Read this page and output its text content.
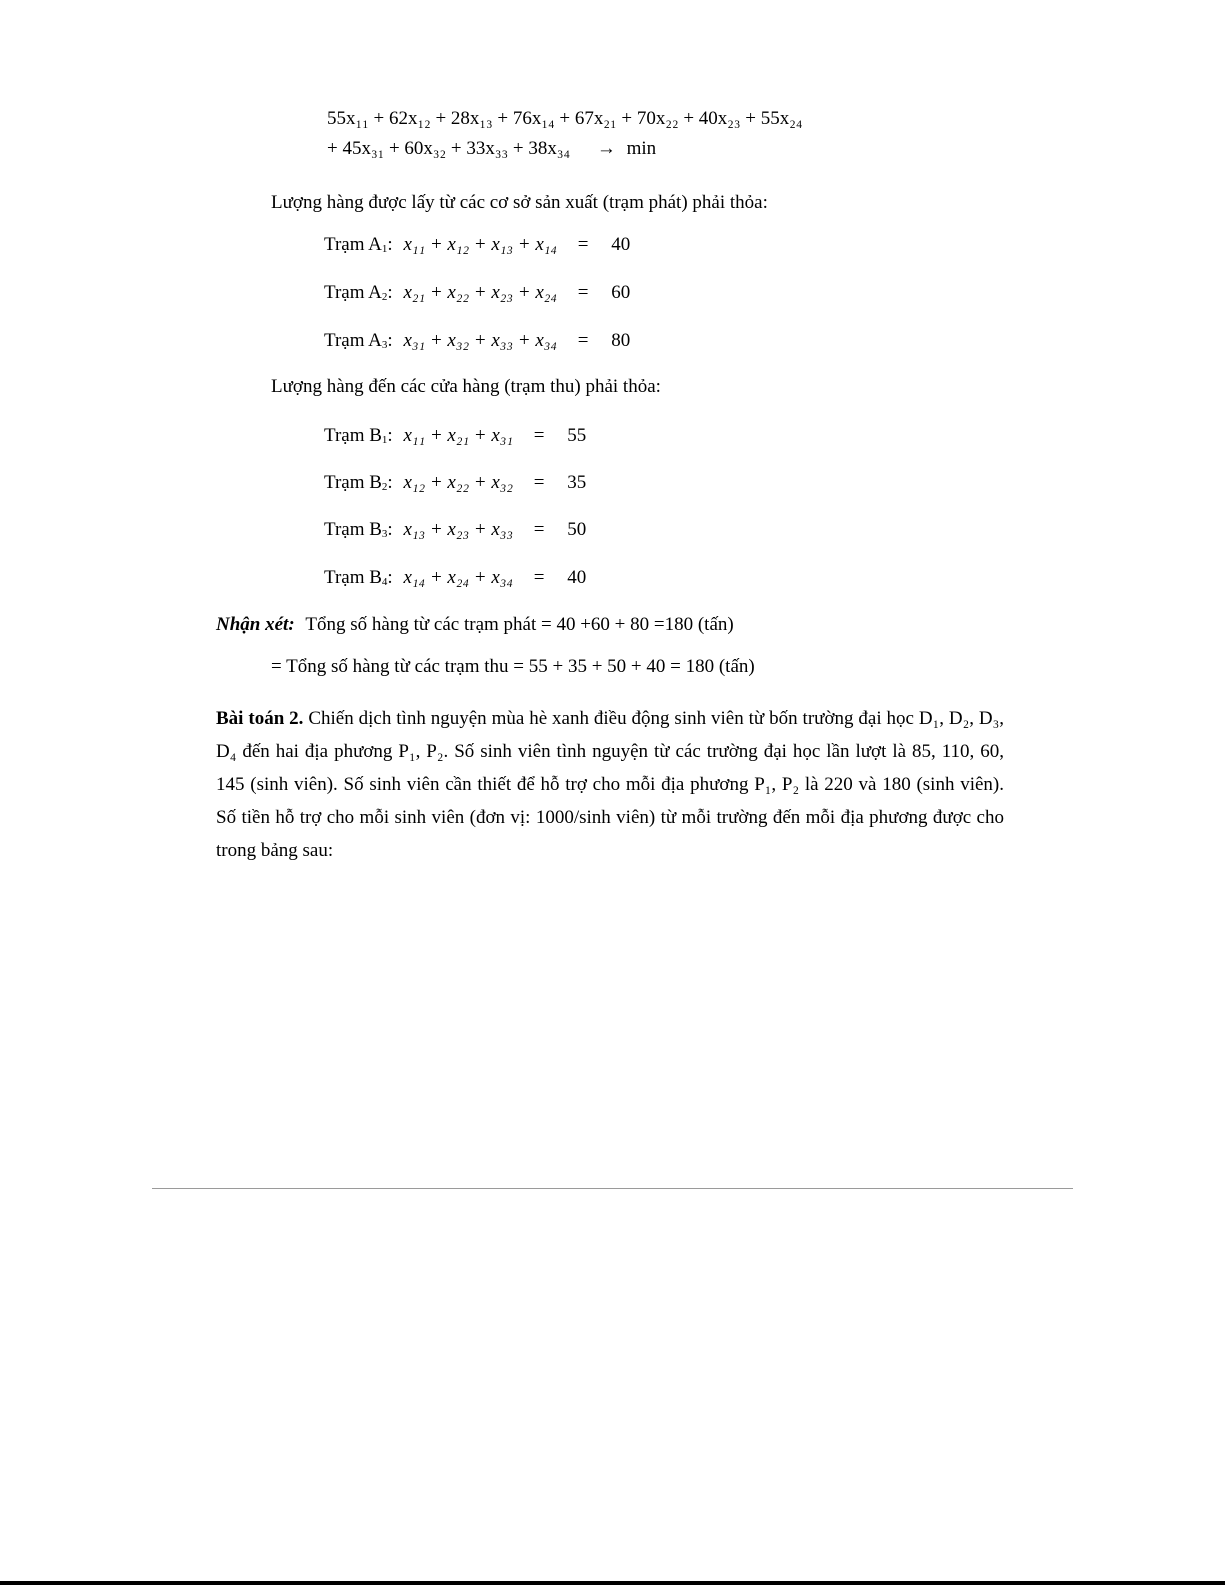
55x₁₁ + 62x₁₂ + 28x₁₃ + 76x₁₄ + 67x₂₁ + 70x₂₂ + 40x₂₃ + 55x₂₄
+ 45x₃₁ + 60x₃₂ + 33x₃₃ + 38x₃₄ → min
Lượng hàng được lấy từ các cơ sở sản xuất (trạm phát) phải thỏa:
Trạm $A_1$: x₁₁ + x₁₂ + x₁₃ + x₁₄ = 40
Trạm $A_2$: x₂₁ + x₂₂ + x₂₃ + x₂₄ = 60
Trạm $A_3$: x₃₁ + x₃₂ + x₃₃ + x₃₄ = 80
Lượng hàng đến các cửa hàng (trạm thu) phải thỏa:
Trạm $B_1$: x₁₁ + x₂₁ + x₃₁ = 55
Trạm $B_2$: x₁₂ + x₂₂ + x₃₂ = 35
Trạm $B_3$: x₁₃ + x₂₃ + x₃₃ = 50
Trạm $B_4$: x₁₄ + x₂₄ + x₃₄ = 40
Nhận xét: Tổng số hàng từ các trạm phát = 40 +60 + 80 =180 (tấn)
= Tổng số hàng từ các trạm thu = 55 + 35 + 50 + 40 = 180 (tấn)
Bài toán 2. Chiến dịch tình nguyện mùa hè xanh điều động sinh viên từ bốn trường đại học D₁, D₂, D₃, D₄ đến hai địa phương P₁, P₂. Số sinh viên tình nguyện từ các trường đại học lần lượt là 85, 110, 60, 145 (sinh viên). Số sinh viên cần thiết để hỗ trợ cho mỗi địa phương P₁, P₂ là 220 và 180 (sinh viên). Số tiền hỗ trợ cho mỗi sinh viên (đơn vị: 1000/sinh viên) từ mỗi trường đến mỗi địa phương được cho trong bảng sau:
